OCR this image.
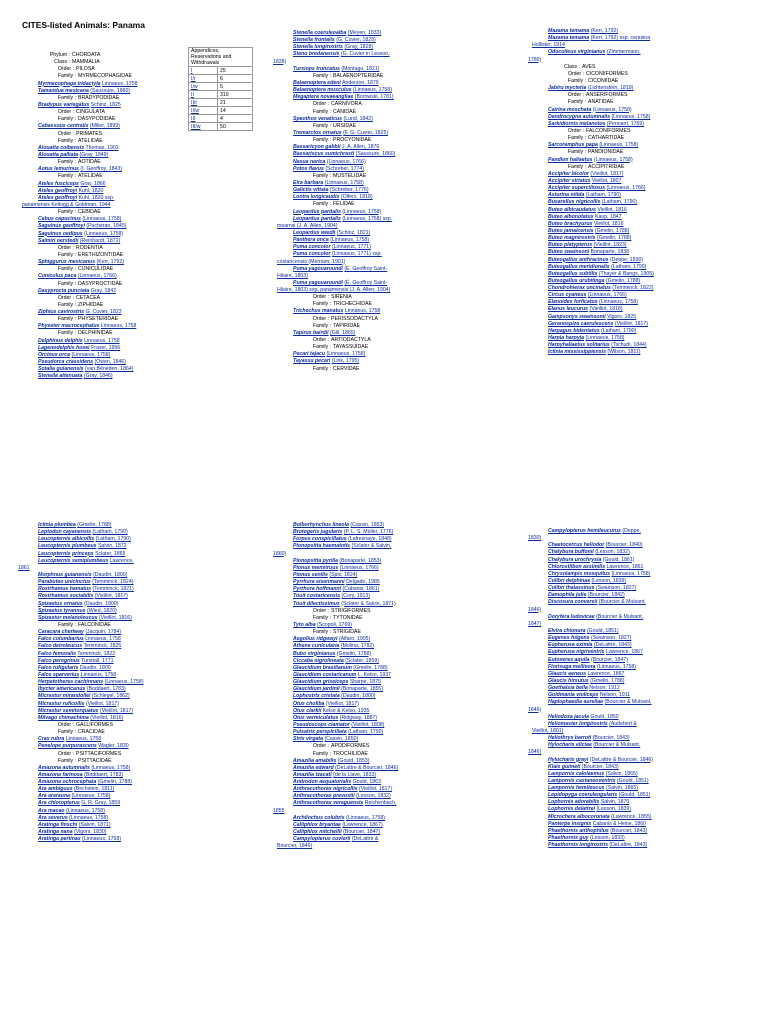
CITES-listed Animals: Panama
Appendices, Reservations and Withdrawals	
I	25
I/r	6
I/w	5
II	319
II/r	21
II/w	14
III	4
III/w	50
Phylum : CHORDATA
Class : MAMMALIA
Order : PILOSA
Family : MYRMECOPHAGIDAE
Myrmecophaga tridactyla Linnaeus, 1758
Tamandua mexicana (Saussure, 1860)
Family : BRADYPODIDAE
Bradypus variegatus Schinz, 1825
Order : CINGULATA
Family : DASYPODIDAE
Cabassous centralis (Miller, 1899)
Order : PRIMATES
Family : ATELIDAE
Alouatta coibensis Thomas, 1902
Alouatta palliata (Gray, 1849)
Family : AOTIDAE
Aotus lemurinus (I. Geoffroy, 1843)
Family : ATELIDAE
Ateles fusciceps Gray, 1866
Ateles geoffroyi Kuhl, 1820
Ateles geoffroyi Kuhl, 1820 ssp.
panamensis Kellogg & Goldman, 1944
Family : CEBIDAE
Cebus capucinus (Linnaeus, 1758)
Saguinus geoffroyi (Pucheran, 1845)
Saguinus oedipus (Linnaeus, 1758)
Saimiri oerstedii (Reinhardt, 1872)
Order : RODENTIA
Family : ERETHIZONTIDAE
Sphiggurus mexicanus (Kerr, 1792)
Family : CUNICULIDAE
Cuniculus paca (Linnaeus, 1766)
Family : DASYPROCTIDAE
Dasyprocta punctata Gray, 1842
Order : CETACEA
Family : ZIPHIIDAE
Ziphius cavirostris G. Cuvier, 1823
Family : PHYSETERIDAE
Physeter macrocephalus Linnaeus, 1758
Family : DELPHINIDAE
Delphinus delphis Linnaeus, 1758
Lagenodelphis hosei Fraser, 1956
Orcinus orca (Linnaeus, 1758)
Pseudorca crassidens (Owen, 1846)
Sotalia guianensis (van Bénéden, 1864)
Stenella attenuata (Gray, 1846)
Stenella coeruleoalba (Meyen, 1833)
Stenella frontalis (G. Cuvier, 1829)
Stenella longirostris (Gray, 1828)
Steno bredanensis (G. Cuvier in Lesson,
1828)
Tursiops truncatus (Montagu, 1821)
Family : BALAENOPTERIDAE
Balaenoptera edeni Anderson, 1879
Balaenoptera musculus (Linnaeus, 1758)
Megaptera novaeangliae (Borowski, 1781)
Order : CARNIVORA
Family : CANIDAE
Speothos venaticus (Lund, 1842)
Family : URSIDAE
Tremarctos ornatus (F. G. Cuvier, 1825)
Family : PROCYONIDAE
Bassaricyon gabbii J. A. Allen, 1876
Bassariscus sumichrasti (Saussure, 1860)
Nasua narica (Linnaeus, 1766)
Potos flavus (Schreber, 1774)
Family : MUSTELIDAE
Eira barbara (Linnaeus, 1758)
Galictis vittata (Schreber, 1776)
Lontra longicaudis (Olfers, 1818)
Family : FELIDAE
Leopardus pardalis (Linnaeus, 1758)
Leopardus pardalis (Linnaeus, 1758) ssp.
mearnsi (J. A. Allen, 1904)
Leopardus wiedii (Schinz, 1821)
Panthera onca (Linnaeus, 1758)
Puma concolor (Linnaeus, 1771)
Puma concolor (Linnaeus, 1771) ssp.
costaricensis (Merriam, 1901)
Puma yagouaroundi (É. Geoffroy Saint-
Hilaire, 1803)
Puma yagouaroundi (É. Geoffroy Saint-
Hilaire, 1803) ssp. panamensis (J. A. Allen, 1904)
Order : SIRENIA
Family : TRICHECHIDAE
Trichechus manatus Linnaeus, 1758
Order : PERISSODACTYLA
Family : TAPIRIDAE
Tapirus bairdii (Gill, 1865)
Order : ARTIODACTYLA
Family : TAYASSUIDAE
Pecari tajacu (Linnaeus, 1758)
Tayassu pecari (Link, 1795)
Family : CERVIDAE
Mazama temama (Kerr, 1792)
Mazama temama (Kerr, 1792) ssp. cerasina
Hollister, 1914
Odocoileus virginianus (Zimmermann,
1780)
Class : AVES
Order : CICONIIFORMES
Family : CICONIIDAE
Jabiru mycteria (Lichtenstein, 1819)
Order : ANSERIFORMES
Family : ANATIDAE
Cairina moschata (Linnaeus, 1758)
Dendrocygna autumnalis (Linnaeus, 1758)
Sarkidiornis melanotos (Pennant, 1769)
Order : FALCONIFORMES
Family : CATHARTIDAE
Sarcoramphus papa (Linnaeus, 1758)
Family : PANDIONIDAE
Pandion haliaetus (Linnaeus, 1758)
Family : ACCIPITRIDAE
Accipiter bicolor (Vieillot, 1817)
Accipiter striatus Vieillot, 1807
Accipiter superciliosus (Linnaeus, 1766)
Asturina nitida (Latham, 1790)
Busarellus nigricollis (Latham, 1790)
Buteo albicaudatus Vieillot, 1816
Buteo albonotatus Kaup, 1847
Buteo brachyurus Vieillot, 1816
Buteo jamaicensis (Gmelin, 1788)
Buteo magnirostris (Gmelin, 1788)
Buteo platypterus (Vieillot, 1823)
Buteo swainsoni Bonaparte, 1838
Buteogallus anthracinus (Deppe, 1830)
Buteogallus meridionalis (Latham, 1790)
Buteogallus subtilis (Thayer & Bangs, 1905)
Buteogallus urubitinga (Gmelin, 1788)
Chondrohierax uncinatus (Temminck, 1822)
Circus cyaneus (Linnaeus, 1766)
Elanoides forficatus (Linnaeus, 1758)
Elanus leucurus (Vieillot, 1818)
Gampsonyx swainsonii Vigors, 1825
Geranospiza caerulescens (Vieillot, 1817)
Harpagus bidentatus (Latham, 1790)
Harpia harpyja (Linnaeus, 1758)
Harpyhaliaetus solitarius (Tschudi, 1844)
Ictinia mississippiensis (Wilson, 1811)
Ictinia plumbea (Gmelin, 1788)
Leptodon cayanensis (Latham, 1790)
Leucopternis albicollis (Latham, 1790)
Leucopternis plumbeus Salvin, 1872
Leucopternis princeps Sclater, 1865
Leucopternis semiplumbeus Lawrence,
1861
Morphnus guianensis (Daudin, 1800)
Parabuteo unicinctus (Temminck, 1824)
Rostrhamus hamatus (Temminck, 1821)
Rostrhamus sociabilis (Vieillot, 1817)
Spizaetus ornatus (Daudin, 1800)
Spizaetus tyrannus (Wied, 1820)
Spizastur melanoleucus (Vieillot, 1816)
Family : FALCONIDAE
Caracara cheriway (Jacquin, 1784)
Falco columbarius Linnaeus, 1758
Falco deiroleucus Temminck, 1825
Falco femoralis Temminck, 1822
Falco peregrinus Tunstall, 1771
Falco rufigularis Daudin, 1800
Falco sparverius Linnaeus, 1758
Herpetotheres cachinnans (Linnaeus, 1758)
Ibycter americanus (Boddaert, 1783)
Micrastur mirandollei (Schlegel, 1862)
Micrastur ruficollis (Vieillot, 1817)
Micrastur semitorquatus (Vieillot, 1817)
Milvago chimachima (Vieillot, 1816)
Order : GALLIFORMES
Family : CRACIDAE
Crax rubra Linnaeus, 1758
Penelope purpurascens Wagler, 1830
Order : PSITTACIFORMES
Family : PSITTACIDAE
Amazona autumnalis (Linnaeus, 1758)
Amazona farinosa (Boddaert, 1783)
Amazona ochrocephala (Gmelin, 1788)
Ara ambiguus (Bechstein, 1811)
Ara ararauna (Linnaeus, 1758)
Ara chloropterus G. R. Gray, 1859
Ara macao (Linnaeus, 1758)
Ara severus (Linnaeus, 1758)
Aratinga finschi (Salvin, 1871)
Aratinga nana (Vigors, 1830)
Aratinga pertinax (Linnaeus, 1758)
Bolborhynchus lineola (Cassin, 1853)
Brotogeris jugularis (P. L. S. Müller, 1776)
Forpus conspicillatus (Lafresnaye, 1848)
Pionopsitta haematotis (Sclater & Salvin,
1860)
Pionopsitta pyrilia (Bonaparte, 1853)
Pionus menstruus (Linnaeus, 1766)
Pionus senilis (Spix, 1824)
Pyrrhura eisenmanni Delgado, 1985
Pyrrhura hoffmanni (Cabanis, 1861)
Touit costaricensis (Cory, 1913)
Touit dilectissimus (Sclater & Salvin, 1871)
Order : STRIGIFORMES
Family : TYTONIDAE
Tyto alba (Scopoli, 1769)
Family : STRIGIDAE
Aegolius ridgwayi (Alfaro, 1905)
Athene cunicularia (Molina, 1782)
Bubo virginianus (Gmelin, 1788)
Ciccaba nigrolineata (Sclater, 1859)
Glaucidium brasilianum (Gmelin, 1788)
Glaucidium costaricanum L. Kelso, 1937
Glaucidium griseiceps Sharpe, 1875
Glaucidium jardinii (Bonaparte, 1855)
Lophostrix cristata (Daudin, 1800)
Otus choliba (Vieillot, 1817)
Otus clarkii Kelso & Kelso, 1935
Otus vermiculatus (Ridgway, 1887)
Pseudoscops clamator (Vieillot, 1808)
Pulsatrix perspicillata (Latham, 1790)
Strix virgata (Cassin, 1850)
Order : APODIFORMES
Family : TROCHILIDAE
Amazilia amabilis (Gould, 1853)
Amazilia edward (DeLattre & Bourcier, 1846)
Amazilia tzacatl (de la Llave, 1833)
Androdon aequatorialis Gould, 1863
Anthracothorax nigricollis (Vieillot, 1817)
Anthracothorax prevostii (Lesson, 1832)
Anthracothorax veraguensis Reichenbach,
1855
Archilochus colubris (Linnaeus, 1758)
Calliphlox bryantae (Lawrence, 1867)
Calliphlox mitchellii (Bourcier, 1847)
Campylopterus cuvierii (DeLattre &
Bourcier, 1846)
Campylopterus hemileucurus (Deppe,
1830)
Chaetocercus heliodor (Bourcier, 1840)
Chalybura buffonii (Lesson, 1832)
Chalybura urochrysia (Gould, 1861)
Chlorostilbon assimilis Lawrence, 1861
Chrysolampis mosquitus (Linnaeus, 1758)
Colibri delphinae (Lesson, 1839)
Colibri thalassinus (Swainson, 1827)
Damophila julie (Bourcier, 1842)
Discosura conversii (Bourcier & Mulsant,
1846)
Doryfera ludovicae (Bourcier & Mulsant,
1847)
Elvira chionura (Gould, 1851)
Eugenes fulgens (Swainson, 1827)
Eupherusa eximia (DeLattre, 1843)
Eupherusa nigriventris Lawrence, 1867
Eutoxeres aquila (Bourcier, 1847)
Florisuga mellivora (Linnaeus, 1758)
Glaucis aeneus Lawrence, 1867
Glaucis hirsutus (Gmelin, 1788)
Goethalsia bella Nelson, 1912
Goldmania violiceps Nelson, 1911
Haplophaedia aureliae (Bourcier & Mulsant,
1846)
Heliodoxa jacula Gould, 1850
Heliomaster longirostris (Audebert &
Vieillot, 1801)
Heliothryx barroti (Bourcier, 1843)
Hylocharis eliciae (Bourcier & Mulsant,
1846)
Hylocharis grayi (DeLattre & Bourcier, 1846)
Klais guimeti (Bourcier, 1843)
Lampornis calolaemus (Salvin, 1865)
Lampornis castaneoventris (Gould, 1851)
Lampornis hemileucus (Salvin, 1865)
Lepidopyga coeruleogularis (Gould, 1851)
Lophornis adorabilis Salvin, 1870
Lophornis delattrei (Lesson, 1839)
Microchera albocoronata (Lawrence, 1855)
Panterpe insignis Cabanis & Heine, 1860
Phaethornis anthophilus (Bourcier, 1843)
Phaethornis guy (Lesson, 1833)
Phaethornis longirostris (DeLattre, 1843)
